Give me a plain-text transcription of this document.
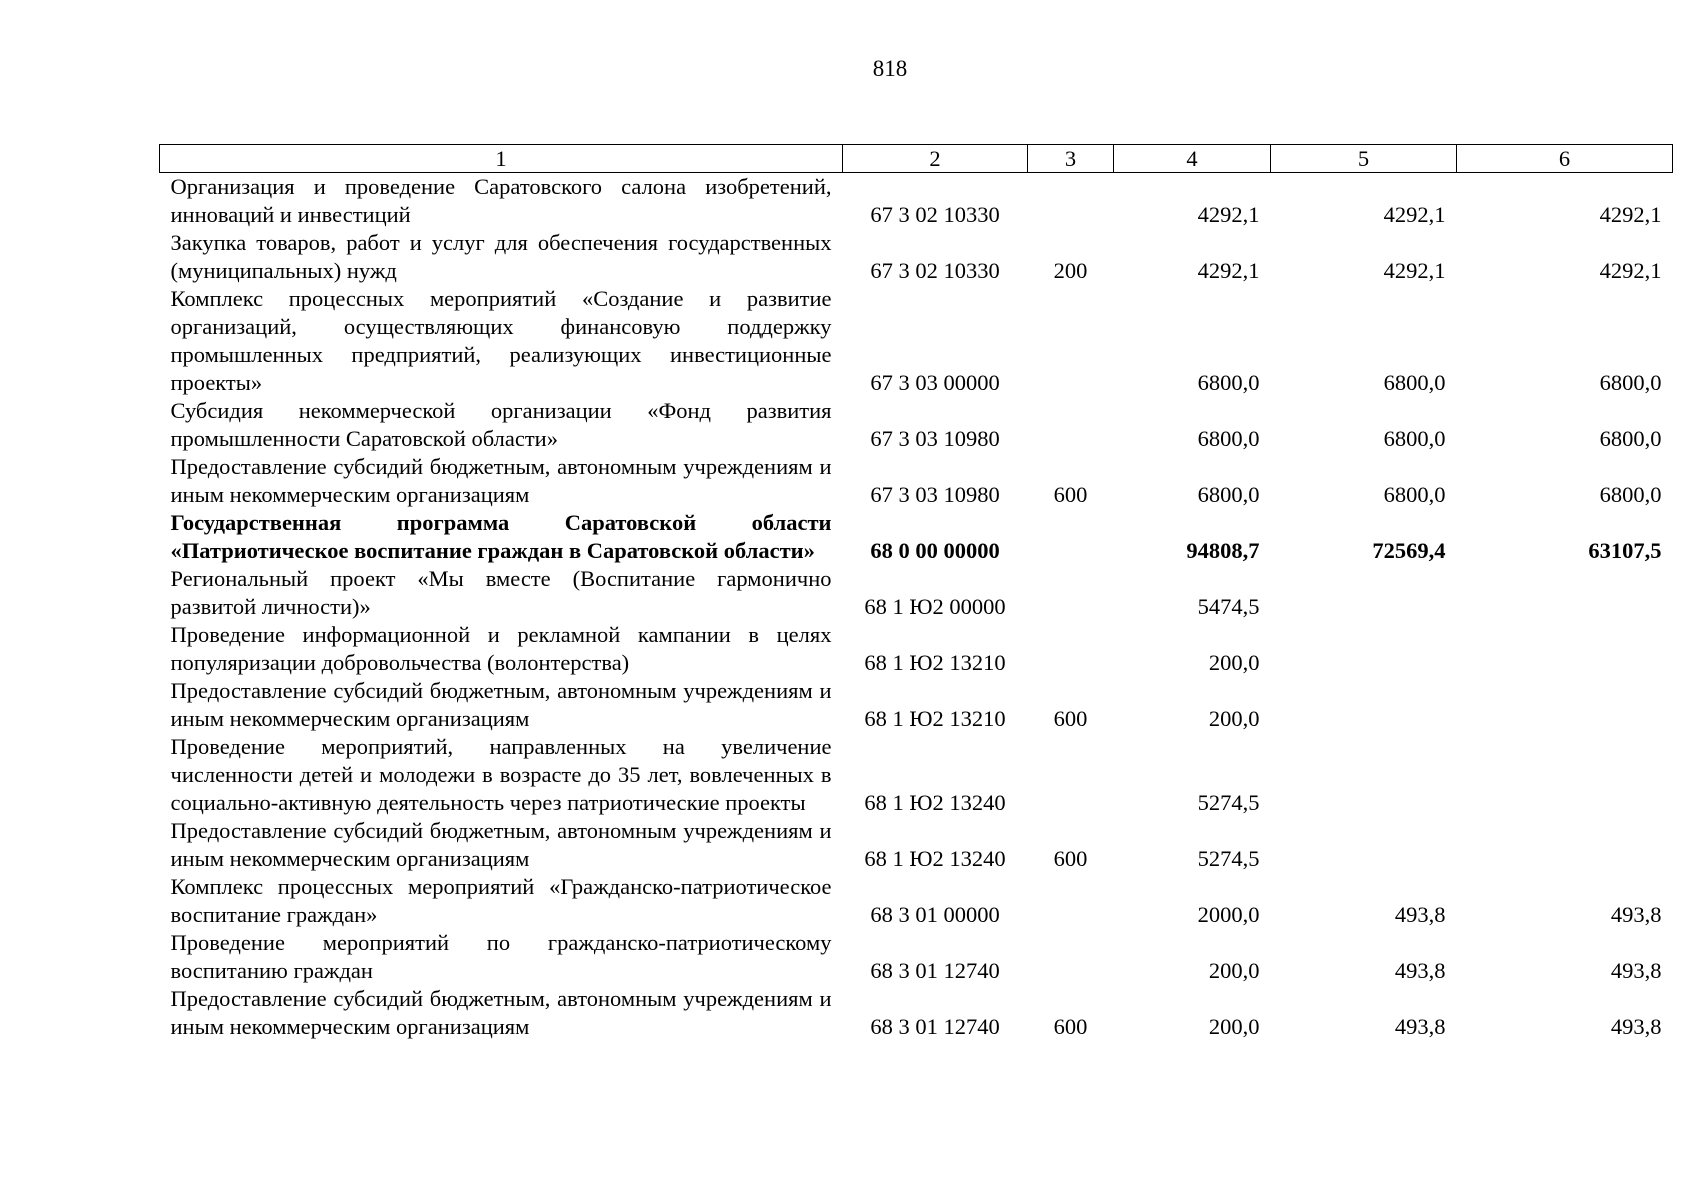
818
1	2	3	4	5	6
Организация и проведение Саратовского салона изобретений, инноваций и инвестиций	67 3 02 10330		4292,1	4292,1	4292,1
Закупка товаров, работ и услуг для обеспечения государственных (муниципальных) нужд	67 3 02 10330	200	4292,1	4292,1	4292,1
Комплекс процессных мероприятий «Создание и развитие организаций, осуществляющих финансовую поддержку промышленных предприятий, реализующих инвестиционные проекты»	67 3 03 00000		6800,0	6800,0	6800,0
Субсидия некоммерческой организации «Фонд развития промышленности Саратовской области»	67 3 03 10980		6800,0	6800,0	6800,0
Предоставление субсидий бюджетным, автономным учреждениям и иным некоммерческим организациям	67 3 03 10980	600	6800,0	6800,0	6800,0
Государственная программа Саратовской области «Патриотическое воспитание граждан в Саратовской области»	68 0 00 00000		94808,7	72569,4	63107,5
Региональный проект «Мы вместе (Воспитание гармонично развитой личности)»	68 1 Ю2 00000		5474,5		
Проведение информационной и рекламной кампании в целях популяризации добровольчества (волонтерства)	68 1 Ю2 13210		200,0		
Предоставление субсидий бюджетным, автономным учреждениям и иным некоммерческим организациям	68 1 Ю2 13210	600	200,0		
Проведение мероприятий, направленных на увеличение численности детей и молодежи в возрасте до 35 лет, вовлеченных в социально-активную деятельность через патриотические проекты	68 1 Ю2 13240		5274,5		
Предоставление субсидий бюджетным, автономным учреждениям и иным некоммерческим организациям	68 1 Ю2 13240	600	5274,5		
Комплекс процессных мероприятий «Гражданско-патриотическое воспитание граждан»	68 3 01 00000		2000,0	493,8	493,8
Проведение мероприятий по гражданско-патриотическому воспитанию граждан	68 3 01 12740		200,0	493,8	493,8
Предоставление субсидий бюджетным, автономным учреждениям и иным некоммерческим организациям	68 3 01 12740	600	200,0	493,8	493,8
